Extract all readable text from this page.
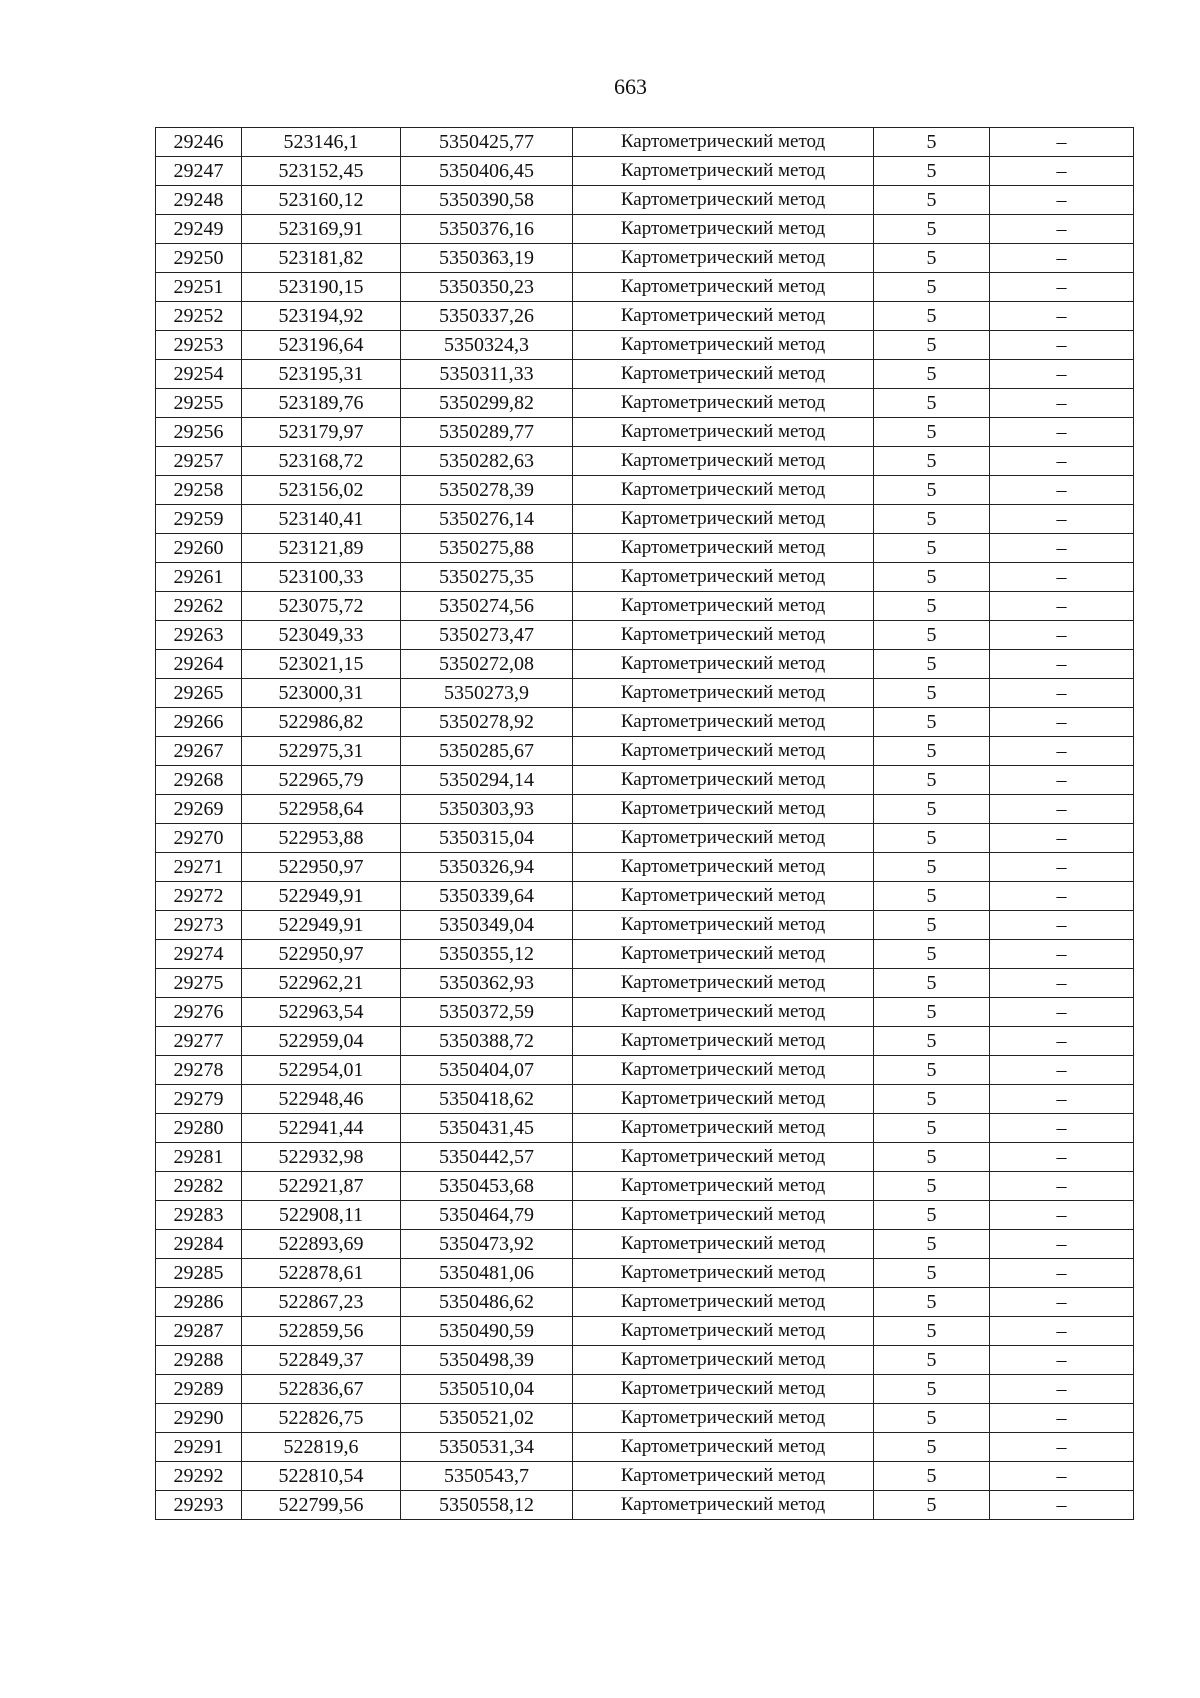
663
29246	523146,1	5350425,77	Картометрический метод	5	–
29247	523152,45	5350406,45	Картометрический метод	5	–
29248	523160,12	5350390,58	Картометрический метод	5	–
29249	523169,91	5350376,16	Картометрический метод	5	–
29250	523181,82	5350363,19	Картометрический метод	5	–
29251	523190,15	5350350,23	Картометрический метод	5	–
29252	523194,92	5350337,26	Картометрический метод	5	–
29253	523196,64	5350324,3	Картометрический метод	5	–
29254	523195,31	5350311,33	Картометрический метод	5	–
29255	523189,76	5350299,82	Картометрический метод	5	–
29256	523179,97	5350289,77	Картометрический метод	5	–
29257	523168,72	5350282,63	Картометрический метод	5	–
29258	523156,02	5350278,39	Картометрический метод	5	–
29259	523140,41	5350276,14	Картометрический метод	5	–
29260	523121,89	5350275,88	Картометрический метод	5	–
29261	523100,33	5350275,35	Картометрический метод	5	–
29262	523075,72	5350274,56	Картометрический метод	5	–
29263	523049,33	5350273,47	Картометрический метод	5	–
29264	523021,15	5350272,08	Картометрический метод	5	–
29265	523000,31	5350273,9	Картометрический метод	5	–
29266	522986,82	5350278,92	Картометрический метод	5	–
29267	522975,31	5350285,67	Картометрический метод	5	–
29268	522965,79	5350294,14	Картометрический метод	5	–
29269	522958,64	5350303,93	Картометрический метод	5	–
29270	522953,88	5350315,04	Картометрический метод	5	–
29271	522950,97	5350326,94	Картометрический метод	5	–
29272	522949,91	5350339,64	Картометрический метод	5	–
29273	522949,91	5350349,04	Картометрический метод	5	–
29274	522950,97	5350355,12	Картометрический метод	5	–
29275	522962,21	5350362,93	Картометрический метод	5	–
29276	522963,54	5350372,59	Картометрический метод	5	–
29277	522959,04	5350388,72	Картометрический метод	5	–
29278	522954,01	5350404,07	Картометрический метод	5	–
29279	522948,46	5350418,62	Картометрический метод	5	–
29280	522941,44	5350431,45	Картометрический метод	5	–
29281	522932,98	5350442,57	Картометрический метод	5	–
29282	522921,87	5350453,68	Картометрический метод	5	–
29283	522908,11	5350464,79	Картометрический метод	5	–
29284	522893,69	5350473,92	Картометрический метод	5	–
29285	522878,61	5350481,06	Картометрический метод	5	–
29286	522867,23	5350486,62	Картометрический метод	5	–
29287	522859,56	5350490,59	Картометрический метод	5	–
29288	522849,37	5350498,39	Картометрический метод	5	–
29289	522836,67	5350510,04	Картометрический метод	5	–
29290	522826,75	5350521,02	Картометрический метод	5	–
29291	522819,6	5350531,34	Картометрический метод	5	–
29292	522810,54	5350543,7	Картометрический метод	5	–
29293	522799,56	5350558,12	Картометрический метод	5	–
